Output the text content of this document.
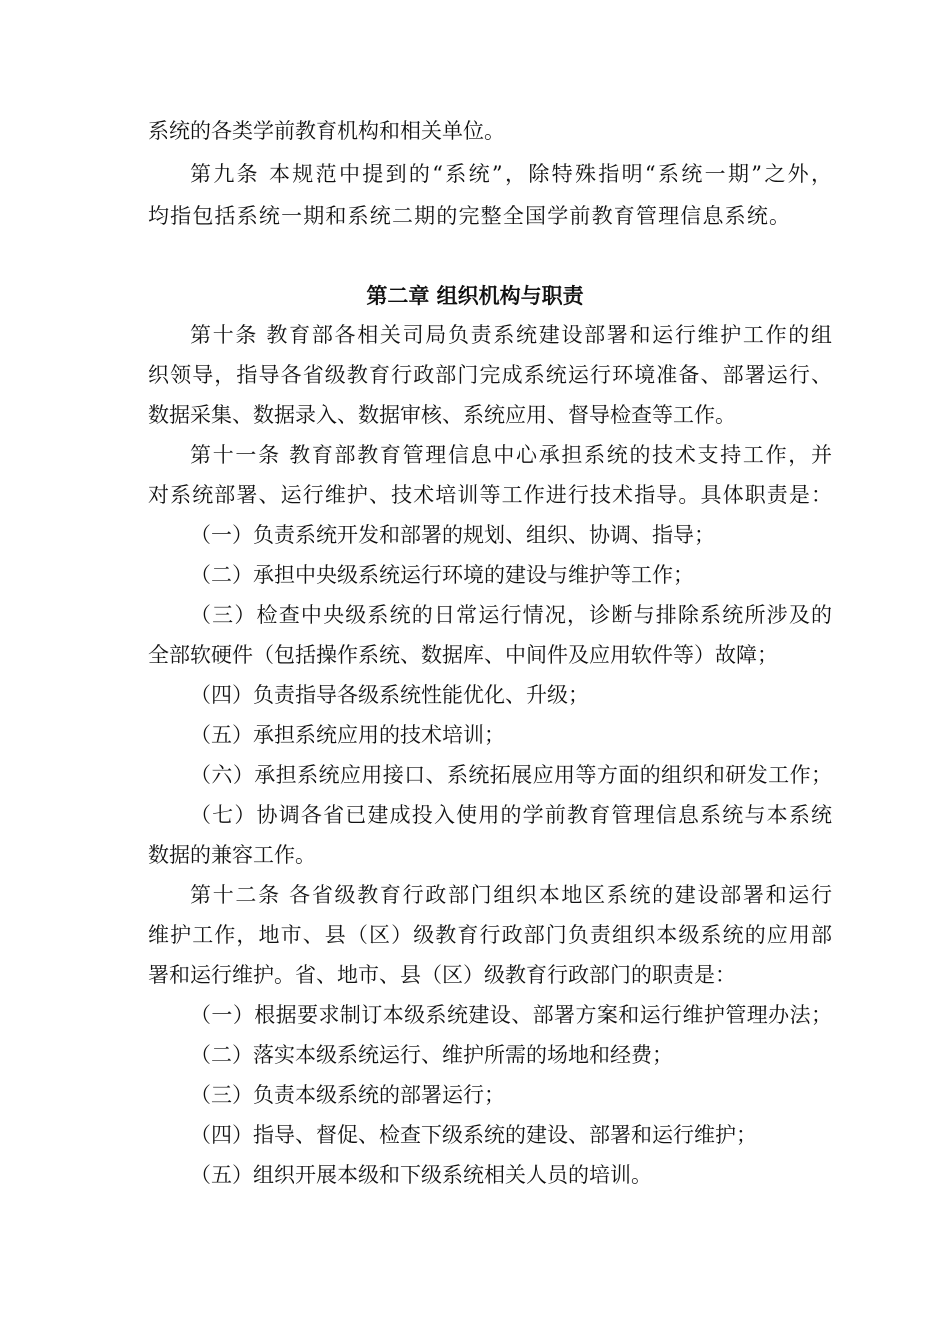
系统的各类学前教育机构和相关单位。
第九条 本规范中提到的“系统”，除特殊指明“系统一期”之外，
均指包括系统一期和系统二期的完整全国学前教育管理信息系统。
第二章 组织机构与职责
第十条 教育部各相关司局负责系统建设部署和运行维护工作的组
织领导，指导各省级教育行政部门完成系统运行环境准备、部署运行、
数据采集、数据录入、数据审核、系统应用、督导检查等工作。
第十一条 教育部教育管理信息中心承担系统的技术支持工作，并
对系统部署、运行维护、技术培训等工作进行技术指导。具体职责是：
（一）负责系统开发和部署的规划、组织、协调、指导；
（二）承担中央级系统运行环境的建设与维护等工作；
（三）检查中央级系统的日常运行情况，诊断与排除系统所涉及的
全部软硬件（包括操作系统、数据库、中间件及应用软件等）故障；
（四）负责指导各级系统性能优化、升级；
（五）承担系统应用的技术培训；
（六）承担系统应用接口、系统拓展应用等方面的组织和研发工作；
（七）协调各省已建成投入使用的学前教育管理信息系统与本系统
数据的兼容工作。
第十二条 各省级教育行政部门组织本地区系统的建设部署和运行
维护工作，地市、县（区）级教育行政部门负责组织本级系统的应用部
署和运行维护。省、地市、县（区）级教育行政部门的职责是：
（一）根据要求制订本级系统建设、部署方案和运行维护管理办法；
（二）落实本级系统运行、维护所需的场地和经费；
（三）负责本级系统的部署运行；
（四）指导、督促、检查下级系统的建设、部署和运行维护；
（五）组织开展本级和下级系统相关人员的培训。
